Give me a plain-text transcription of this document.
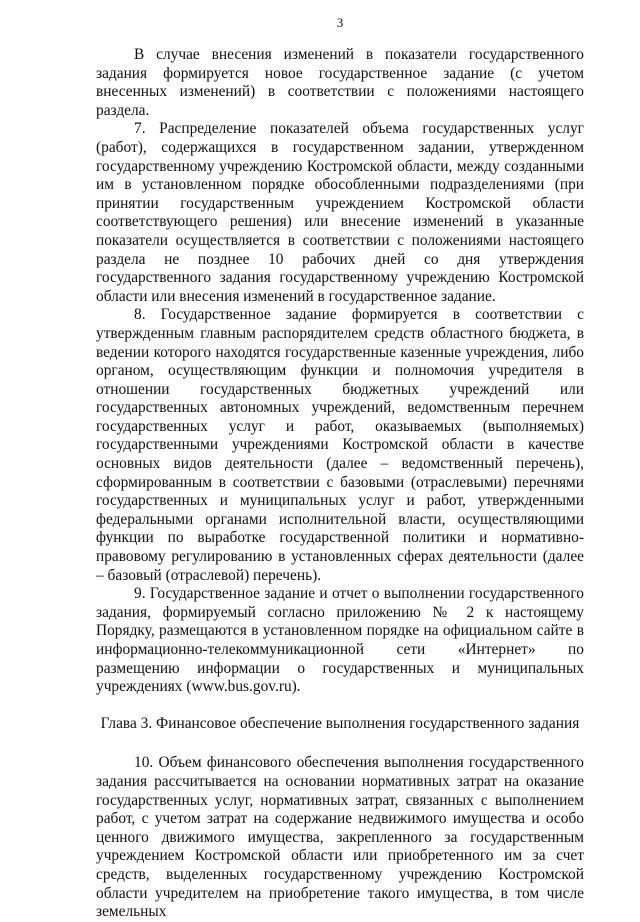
3

В случае внесения изменений в показатели государственного задания формируется новое государственное задание (с учетом внесенных изменений) в соответствии с положениями настоящего раздела.

7. Распределение показателей объема государственных услуг (работ), содержащихся в государственном задании, утвержденном государственному учреждению Костромской области, между созданными им в установленном порядке обособленными подразделениями (при принятии государственным учреждением Костромской области соответствующего решения) или внесение изменений в указанные показатели осуществляется в соответствии с положениями настоящего раздела не позднее 10 рабочих дней со дня утверждения государственного задания государственному учреждению Костромской области или внесения изменений в государственное задание.

8. Государственное задание формируется в соответствии с утвержденным главным распорядителем средств областного бюджета, в ведении которого находятся государственные казенные учреждения, либо органом, осуществляющим функции и полномочия учредителя в отношении государственных бюджетных учреждений или государственных автономных учреждений, ведомственным перечнем государственных услуг и работ, оказываемых (выполняемых) государственными учреждениями Костромской области в качестве основных видов деятельности (далее – ведомственный перечень), сформированным в соответствии с базовыми (отраслевыми) перечнями государственных и муниципальных услуг и работ, утвержденными федеральными органами исполнительной власти, осуществляющими функции по выработке государственной политики и нормативно-правовому регулированию в установленных сферах деятельности (далее – базовый (отраслевой) перечень).

9. Государственное задание и отчет о выполнении государственного задания, формируемый согласно приложению № 2 к настоящему Порядку, размещаются в установленном порядке на официальном сайте в информационно-телекоммуникационной сети «Интернет» по размещению информации о государственных и муниципальных учреждениях (www.bus.gov.ru).

Глава 3. Финансовое обеспечение выполнения государственного задания

10. Объем финансового обеспечения выполнения государственного задания рассчитывается на основании нормативных затрат на оказание государственных услуг, нормативных затрат, связанных с выполнением работ, с учетом затрат на содержание недвижимого имущества и особо ценного движимого имущества, закрепленного за государственным учреждением Костромской области или приобретенного им за счет средств, выделенных государственному учреждению Костромской области учредителем на приобретение такого имущества, в том числе земельных
